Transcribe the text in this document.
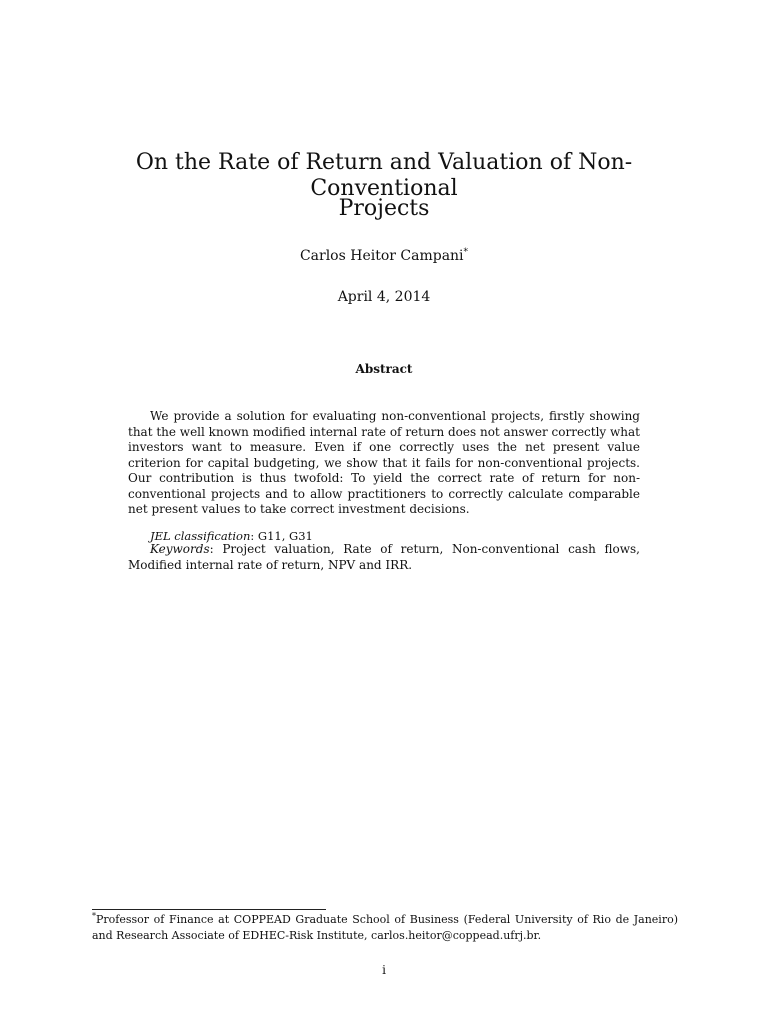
On the Rate of Return and Valuation of Non-Conventional
Projects
Carlos Heitor Campani*
April 4, 2014
Abstract

We provide a solution for evaluating non-conventional projects, firstly showing that the well known modified internal rate of return does not answer correctly what investors want to measure. Even if one correctly uses the net present value criterion for capital budgeting, we show that it fails for non-conventional projects. Our contribution is thus twofold: To yield the correct rate of return for non-conventional projects and to allow practitioners to correctly calculate comparable net present values to take correct investment decisions.

JEL classification: G11, G31

Keywords: Project valuation, Rate of return, Non-conventional cash flows, Modified internal rate of return, NPV and IRR.

*Professor of Finance at COPPEAD Graduate School of Business (Federal University of Rio de Janeiro) and Research Associate of EDHEC-Risk Institute, carlos.heitor@coppead.ufrj.br.

i
